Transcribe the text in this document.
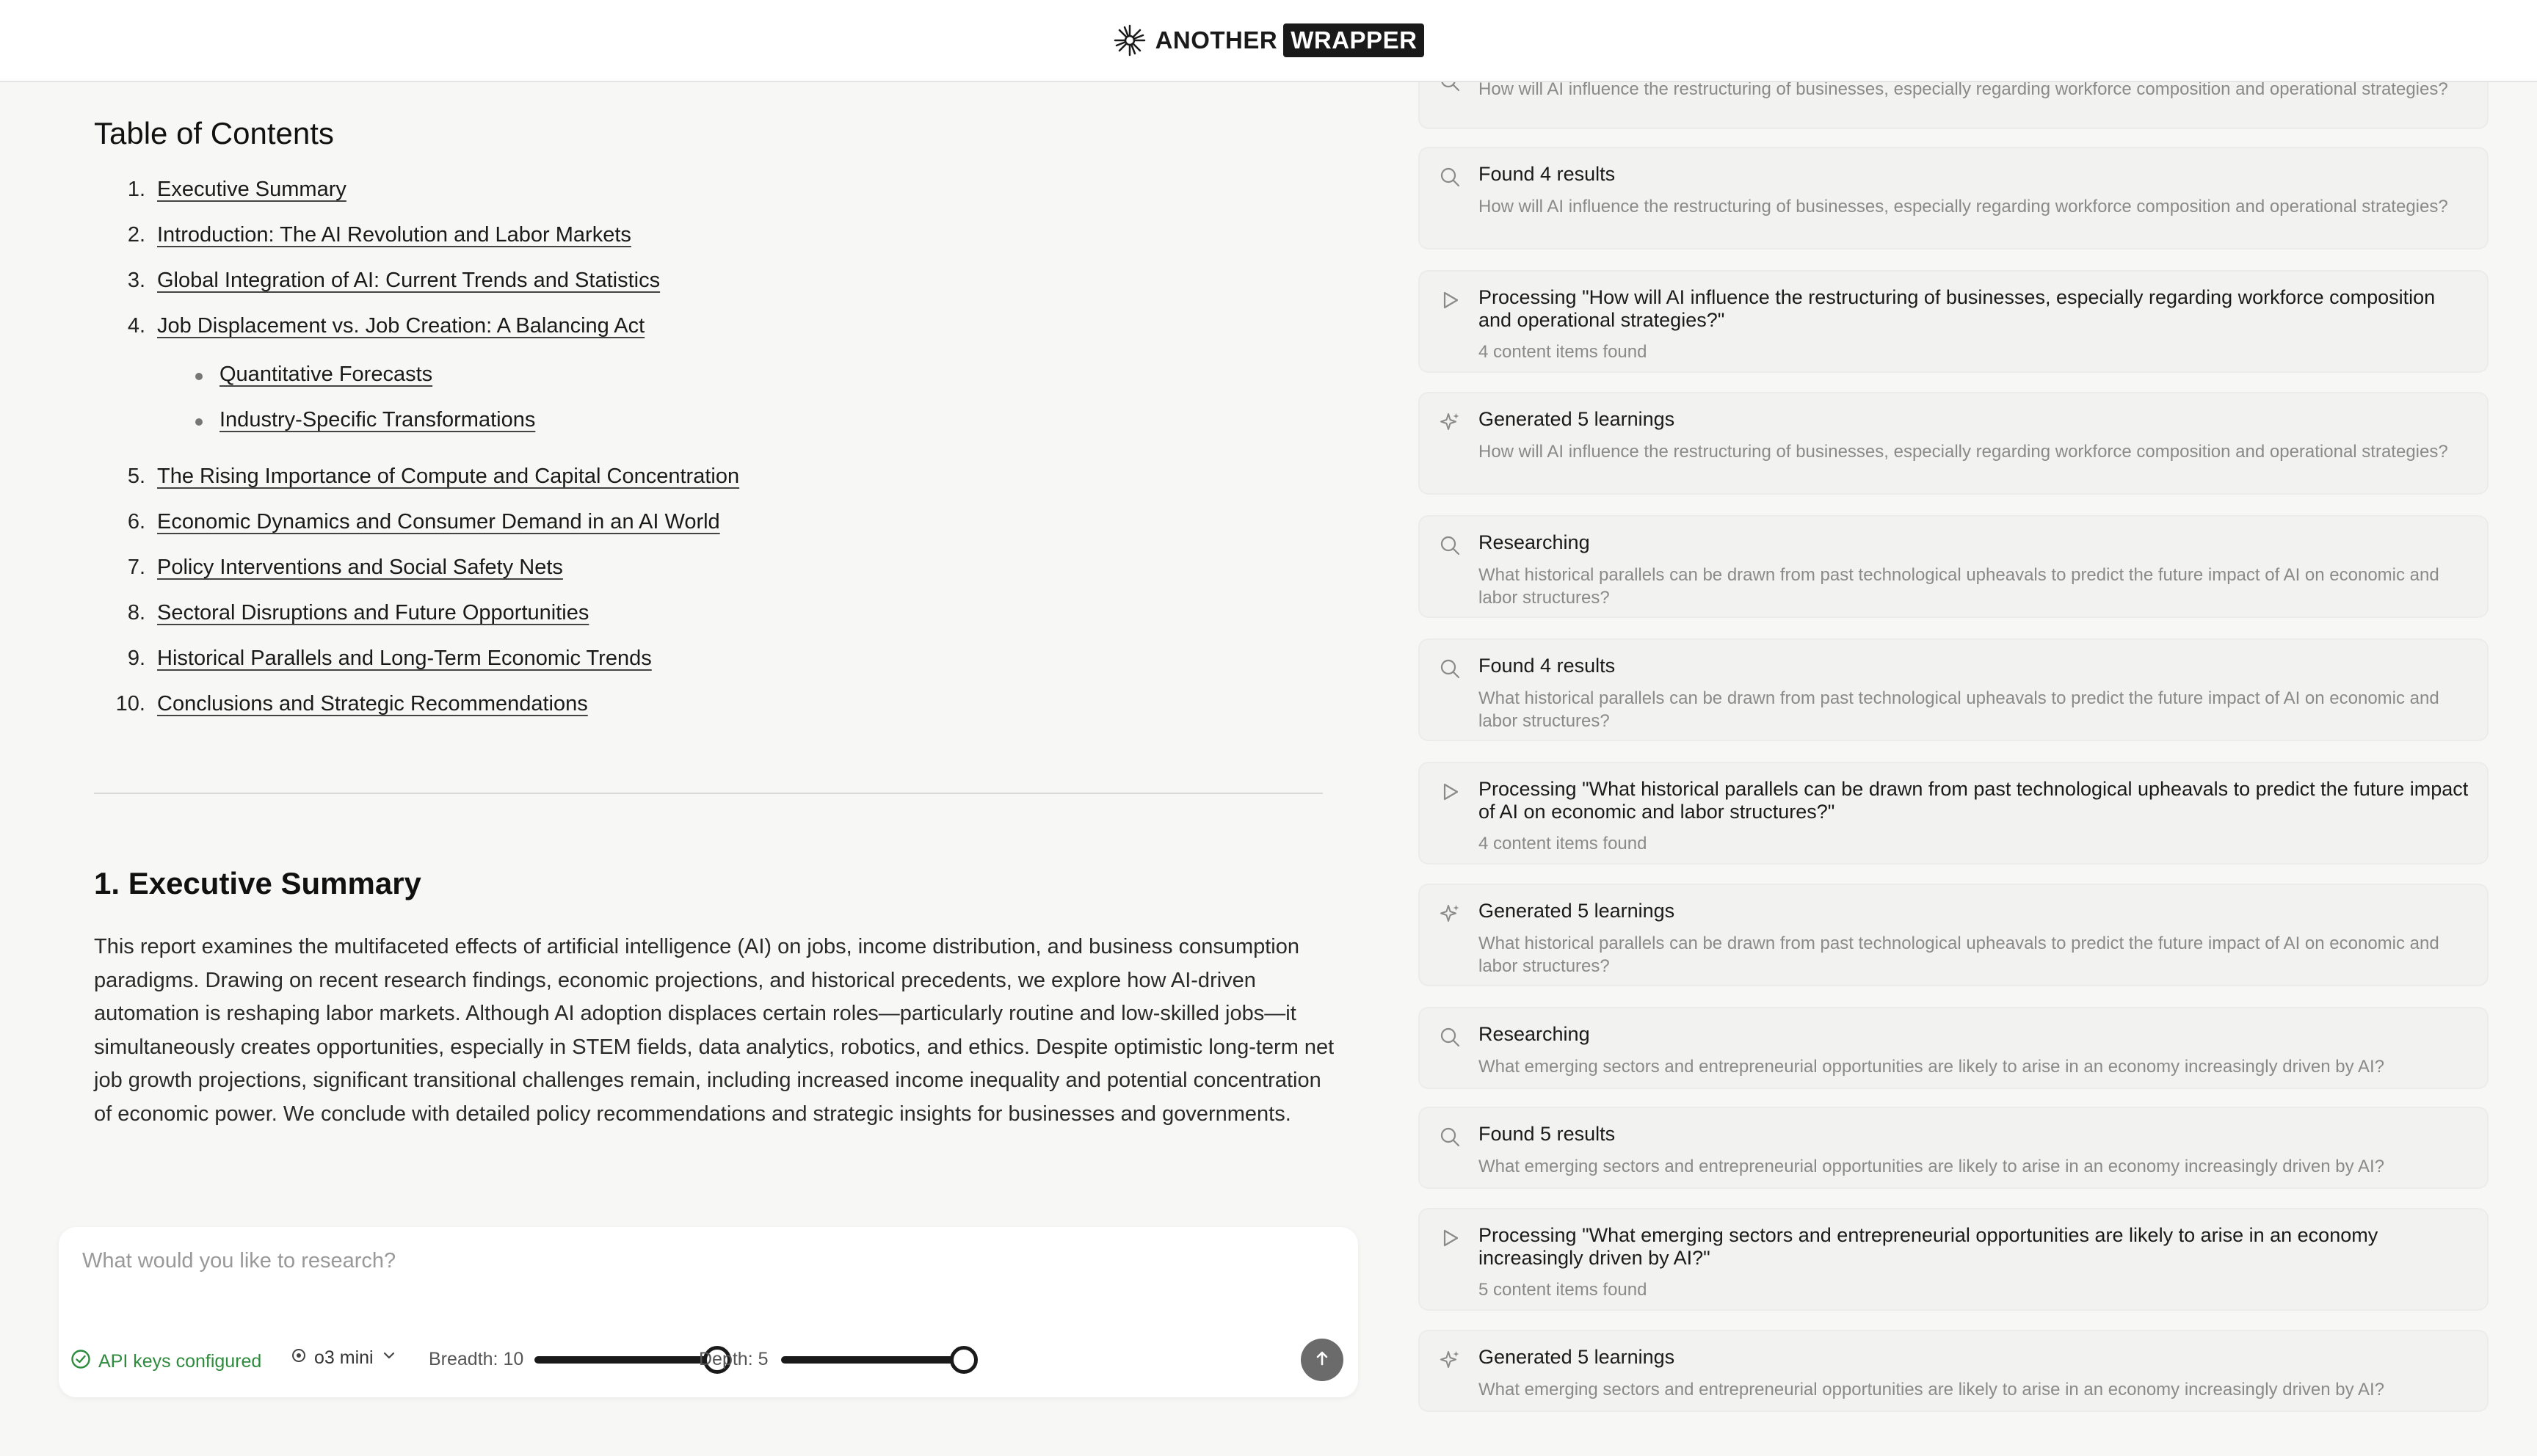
ANOTHER WRAPPER
Table of Contents
1. Executive Summary
2. Introduction: The AI Revolution and Labor Markets
3. Global Integration of AI: Current Trends and Statistics
4. Job Displacement vs. Job Creation: A Balancing Act
Quantitative Forecasts
Industry-Specific Transformations
5. The Rising Importance of Compute and Capital Concentration
6. Economic Dynamics and Consumer Demand in an AI World
7. Policy Interventions and Social Safety Nets
8. Sectoral Disruptions and Future Opportunities
9. Historical Parallels and Long-Term Economic Trends
10. Conclusions and Strategic Recommendations
1. Executive Summary

This report examines the multifaceted effects of artificial intelligence (AI) on jobs, income distribution, and business consumption paradigms. Drawing on recent research findings, economic projections, and historical precedents, we explore how AI-driven automation is reshaping labor markets. Although AI adoption displaces certain roles—particularly routine and low-skilled jobs—it simultaneously creates opportunities, especially in STEM fields, data analytics, robotics, and ethics. Despite optimistic long-term net job growth projections, significant transitional challenges remain, including increased income inequality and potential concentration of economic power. We conclude with detailed policy recommendations and strategic insights for businesses and governments.

What would you like to research?
API keys configured	o3 mini	Breadth: 10	Depth: 5
How will AI influence the restructuring of businesses, especially regarding workforce composition and operational strategies?
Found 4 results
How will AI influence the restructuring of businesses, especially regarding workforce composition and operational strategies?
Processing "How will AI influence the restructuring of businesses, especially regarding workforce composition and operational strategies?"
4 content items found
Generated 5 learnings
How will AI influence the restructuring of businesses, especially regarding workforce composition and operational strategies?
Researching
What historical parallels can be drawn from past technological upheavals to predict the future impact of AI on economic and labor structures?
Found 4 results
What historical parallels can be drawn from past technological upheavals to predict the future impact of AI on economic and labor structures?
Processing "What historical parallels can be drawn from past technological upheavals to predict the future impact of AI on economic and labor structures?"
4 content items found
Generated 5 learnings
What historical parallels can be drawn from past technological upheavals to predict the future impact of AI on economic and labor structures?
Researching
What emerging sectors and entrepreneurial opportunities are likely to arise in an economy increasingly driven by AI?
Found 5 results
What emerging sectors and entrepreneurial opportunities are likely to arise in an economy increasingly driven by AI?
Processing "What emerging sectors and entrepreneurial opportunities are likely to arise in an economy increasingly driven by AI?"
5 content items found
Generated 5 learnings
What emerging sectors and entrepreneurial opportunities are likely to arise in an economy increasingly driven by AI?
